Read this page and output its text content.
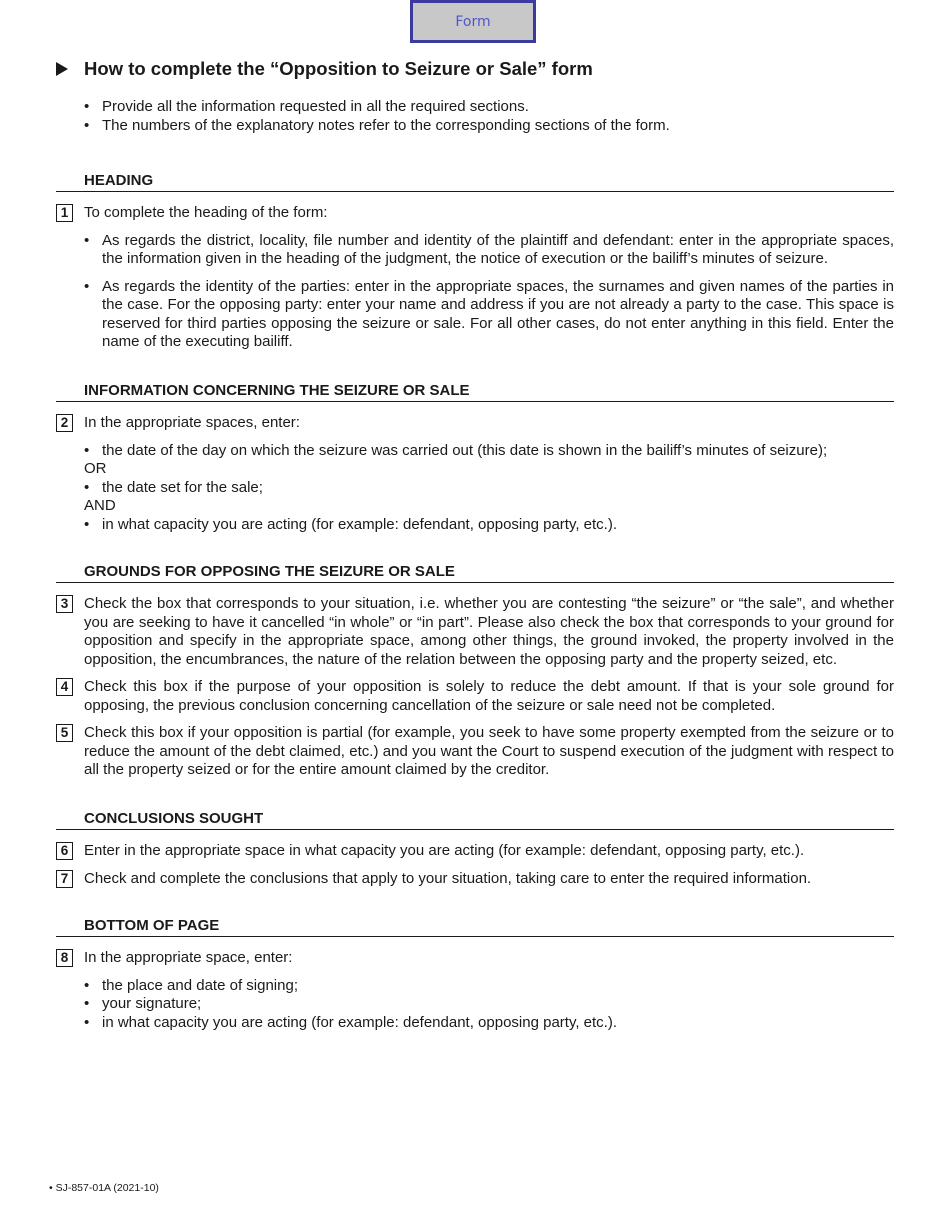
Form
How to complete the “Opposition to Seizure or Sale” form
• Provide all the information requested in all the required sections.
• The numbers of the explanatory notes refer to the corresponding sections of the form.
HEADING
1	To complete the heading of the form:
• As regards the district, locality, file number and identity of the plaintiff and defendant: enter in the appropriate spaces, the information given in the heading of the judgment, the notice of execution or the bailiff’s minutes of seizure.
• As regards the identity of the parties: enter in the appropriate spaces, the surnames and given names of the parties in the case. For the opposing party: enter your name and address if you are not already a party to the case. This space is reserved for third parties opposing the seizure or sale. For all other cases, do not enter anything in this field. Enter the name of the executing bailiff.
INFORMATION CONCERNING THE SEIZURE OR SALE
2	In the appropriate spaces, enter:
• the date of the day on which the seizure was carried out (this date is shown in the bailiff’s minutes of seizure);
OR
• the date set for the sale;
AND
• in what capacity you are acting (for example: defendant, opposing party, etc.).
GROUNDS FOR OPPOSING THE SEIZURE OR SALE
3	Check the box that corresponds to your situation, i.e. whether you are contesting “the seizure” or “the sale”, and whether you are seeking to have it cancelled “in whole” or “in part”. Please also check the box that corresponds to your ground for opposition and specify in the appropriate space, among other things, the ground invoked, the property involved in the opposition, the encumbrances, the nature of the relation between the opposing party and the property seized, etc.
4	Check this box if the purpose of your opposition is solely to reduce the debt amount. If that is your sole ground for opposing, the previous conclusion concerning cancellation of the seizure or sale need not be completed.
5	Check this box if your opposition is partial (for example, you seek to have some property exempted from the seizure or to reduce the amount of the debt claimed, etc.) and you want the Court to suspend execution of the judgment with respect to all the property seized or for the entire amount claimed by the creditor.
CONCLUSIONS SOUGHT
6	Enter in the appropriate space in what capacity you are acting (for example: defendant, opposing party, etc.).
7	Check and complete the conclusions that apply to your situation, taking care to enter the required information.
BOTTOM OF PAGE
8	In the appropriate space, enter:
• the place and date of signing;
• your signature;
• in what capacity you are acting (for example: defendant, opposing party, etc.).
• SJ-857-01A (2021-10)
